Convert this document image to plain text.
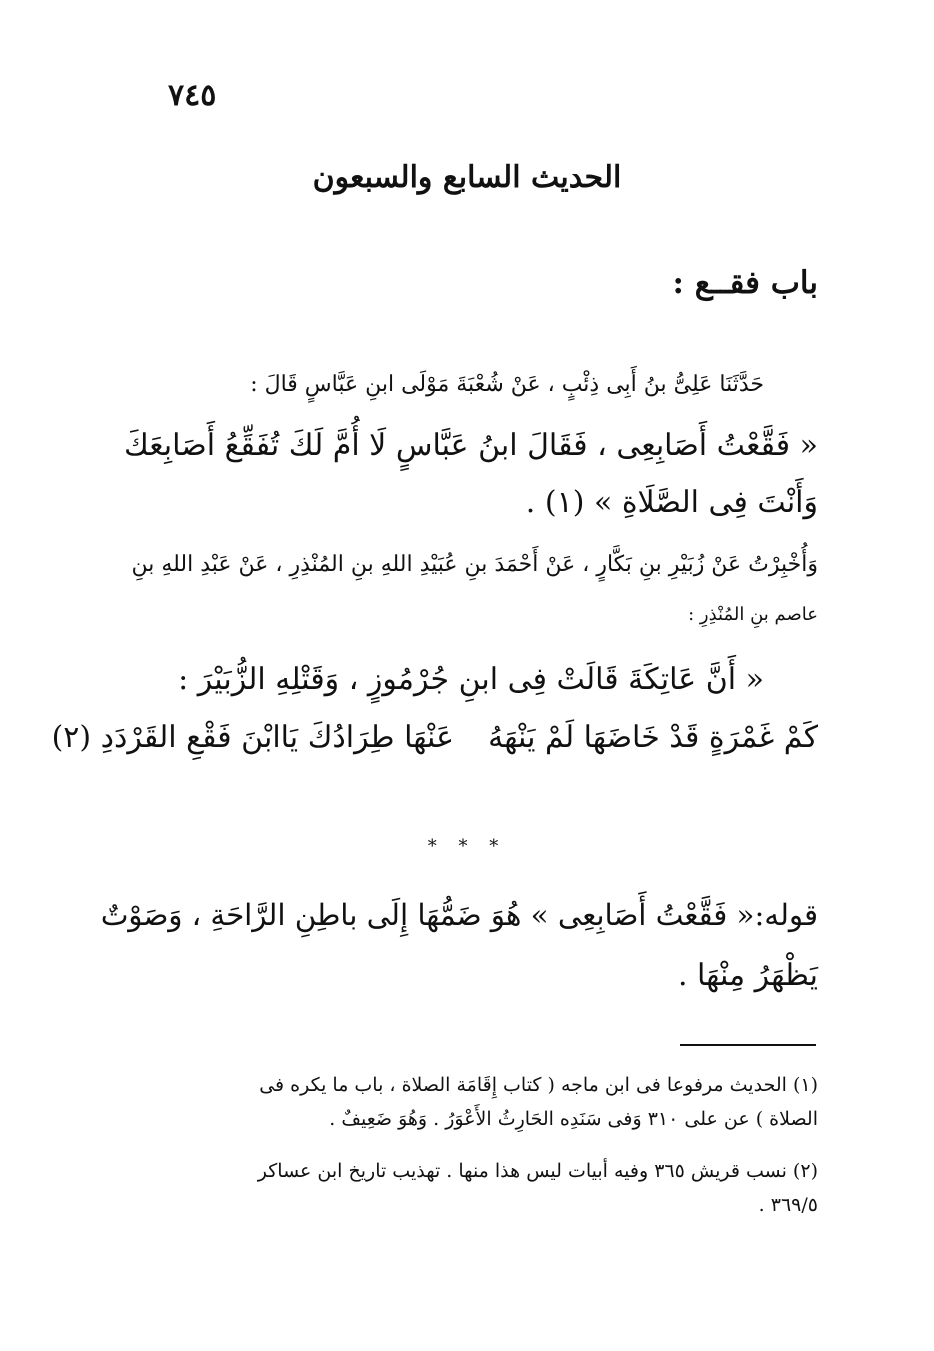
٧٤٥
الحديث السابع والسبعون
باب فقــع :
حَدَّثَنَا عَلِىُّ بنُ أَبِى ذِئْبٍ ، عَنْ شُعْبَةَ مَوْلَى ابنِ عَبَّاسٍ قَالَ :
« فَقَّعْتُ أَصَابِعِى ، فَقَالَ ابنُ عَبَّاسٍ لَا أُمَّ لَكَ تُفَقِّعُ أَصَابِعَكَ
وَأَنْتَ فِى الصَّلَاةِ » (١) .
وَأُخْبِرْتُ عَنْ زُبَيْرِ بنِ بَكَّارٍ ، عَنْ أَحْمَدَ بنِ عُبَيْدِ اللهِ بنِ المُنْذِرِ ، عَنْ عَبْدِ اللهِ بنِ
عاصم بنِ المُنْذِرِ :
« أَنَّ عَاتِكَةَ قَالَتْ فِى ابنِ جُرْمُوزٍ ، وَقَتْلِهِ الزُّبَيْرَ :
كَمْ غَمْرَةٍ قَدْ خَاضَهَا لَمْ يَنْهَهُ
عَنْهَا طِرَادُكَ يَاابْنَ فَقْعِ القَرْدَدِ (٢)
* * *
قوله:« فَقَّعْتُ أَصَابِعِى » هُوَ ضَمُّهَا إِلَى باطِنِ الرَّاحَةِ ، وَصَوْتٌ
يَظْهَرُ مِنْهَا .
(١) الحديث مرفوعا فى ابن ماجه ( كتاب إِقَامَة الصلاة ، باب ما يكره فى
الصلاة ) عن على ٣١٠ وَفى سَنَدِه الحَارِثُ الأَعْوَرُ . وَهُوَ ضَعِيفٌ .
(٢) نسب قريش ٣٦٥ وفيه أبيات ليس هذا منها . تهذيب تاريخ ابن عساكر
٣٦٩/٥ .
